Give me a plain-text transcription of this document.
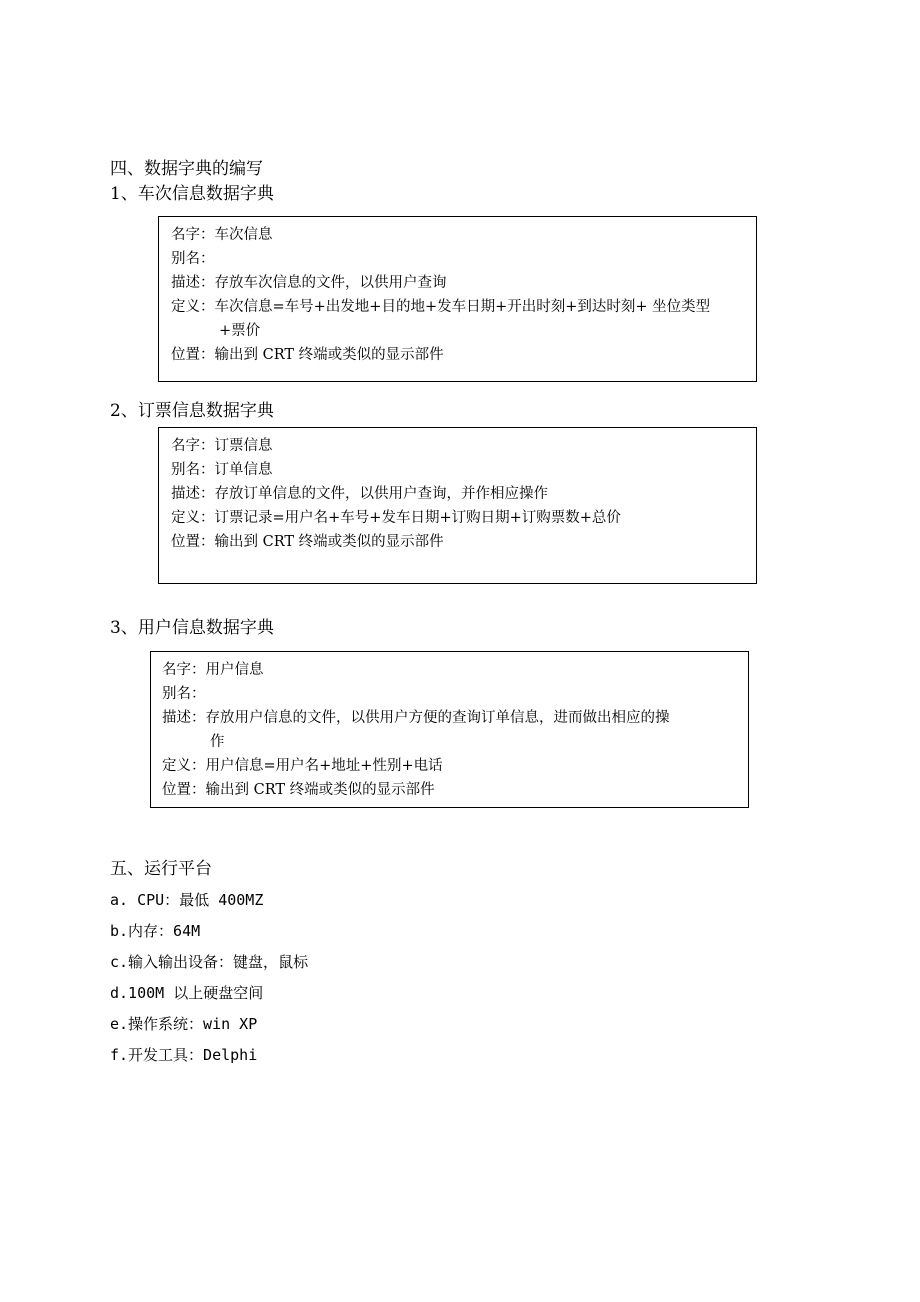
四、数据字典的编写
1、车次信息数据字典
名字：车次信息
别名：
描述：存放车次信息的文件，以供用户查询
定义：车次信息=车号+出发地+目的地+发车日期+开出时刻+到达时刻+ 坐位类型
+票价
位置：输出到 CRT 终端或类似的显示部件
2、订票信息数据字典
名字：订票信息
别名：订单信息
描述：存放订单信息的文件，以供用户查询，并作相应操作
定义：订票记录=用户名+车号+发车日期+订购日期+订购票数+总价
位置：输出到 CRT 终端或类似的显示部件
3、用户信息数据字典
名字：用户信息
别名：
描述：存放用户信息的文件，以供用户方便的查询订单信息，进而做出相应的操
作
定义：用户信息=用户名+地址+性别+电话
位置：输出到 CRT 终端或类似的显示部件
五、运行平台
a. CPU：最低 400MZ
b.内存：64M
c.输入输出设备：键盘，鼠标
d.100M 以上硬盘空间
e.操作系统：win XP
f.开发工具：Delphi
